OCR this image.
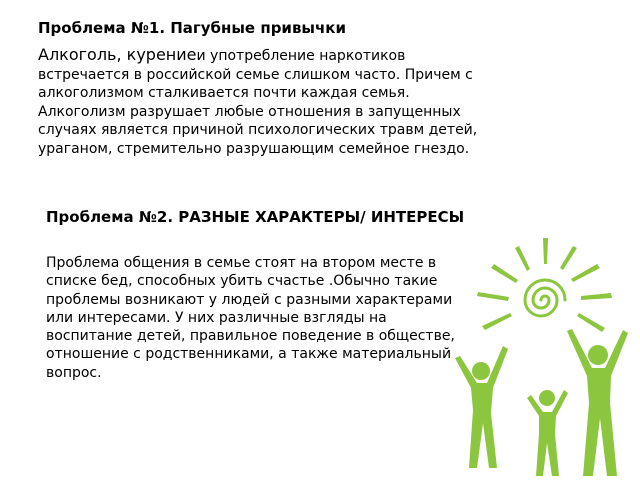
Проблема №1. Пагубные привычки

Алкоголь, курениеи употребление наркотиков встречается в российской семье слишком часто. Причем с алкоголизмом сталкивается почти каждая семья. Алкоголизм разрушает любые отношения в запущенных случаях является причиной психологических травм детей, ураганом, стремительно разрушающим семейное гнездо.

Проблема №2. РАЗНЫЕ ХАРАКТЕРЫ/ ИНТЕРЕСЫ

Проблема общения в семье стоят на втором месте в списке бед, способных убить счастье .Обычно такие проблемы возникают у людей с разными характерами или интересами. У них различные взгляды на воспитание детей, правильное поведение в обществе, отношение с родственниками, а также материальный вопрос.
